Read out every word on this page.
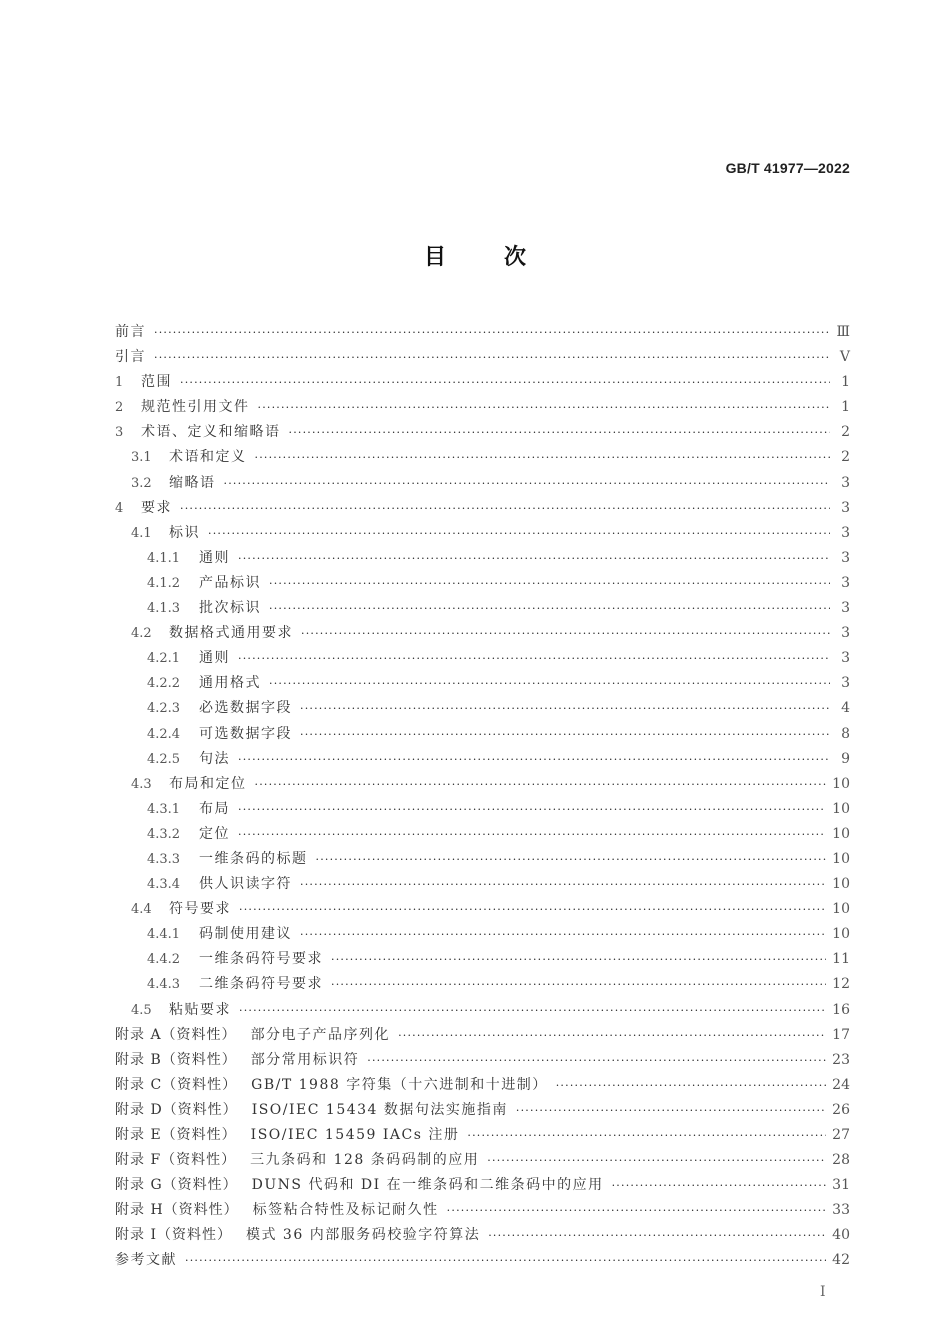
GB/T 41977—2022
目次
前言 ·····	Ⅲ
引言 ·····	Ⅴ
1	范围 ·····	1
2	规范性引用文件 ·····	1
3	术语、定义和缩略语 ·····	2
3.1	术语和定义 ·····	2
3.2	缩略语 ·····	3
4	要求 ·····	3
4.1	标识 ·····	3
4.1.1	通则 ·····	3
4.1.2	产品标识 ·····	3
4.1.3	批次标识 ·····	3
4.2	数据格式通用要求 ·····	3
4.2.1	通则 ·····	3
4.2.2	通用格式 ·····	3
4.2.3	必选数据字段 ·····	4
4.2.4	可选数据字段 ·····	8
4.2.5	句法 ·····	9
4.3	布局和定位 ·····	10
4.3.1	布局 ·····	10
4.3.2	定位 ·····	10
4.3.3	一维条码的标题 ·····	10
4.3.4	供人识读字符 ·····	10
4.4	符号要求 ·····	10
4.4.1	码制使用建议 ·····	10
4.4.2	一维条码符号要求 ·····	11
4.4.3	二维条码符号要求 ·····	12
4.5	粘贴要求 ·····	16
附录 A（资料性） 部分电子产品序列化 ·····	17
附录 B（资料性） 部分常用标识符 ·····	23
附录 C（资料性） GB/T 1988 字符集（十六进制和十进制） ·····	24
附录 D（资料性） ISO/IEC 15434 数据句法实施指南 ·····	26
附录 E（资料性） ISO/IEC 15459 IACs 注册 ·····	27
附录 F（资料性） 三九条码和 128 条码码制的应用 ·····	28
附录 G（资料性） DUNS 代码和 DI 在一维条码和二维条码中的应用 ·····	31
附录 H（资料性） 标签粘合特性及标记耐久性 ·····	33
附录 I（资料性） 模式 36 内部服务码校验字符算法 ·····	40
参考文献 ·····	42
I
